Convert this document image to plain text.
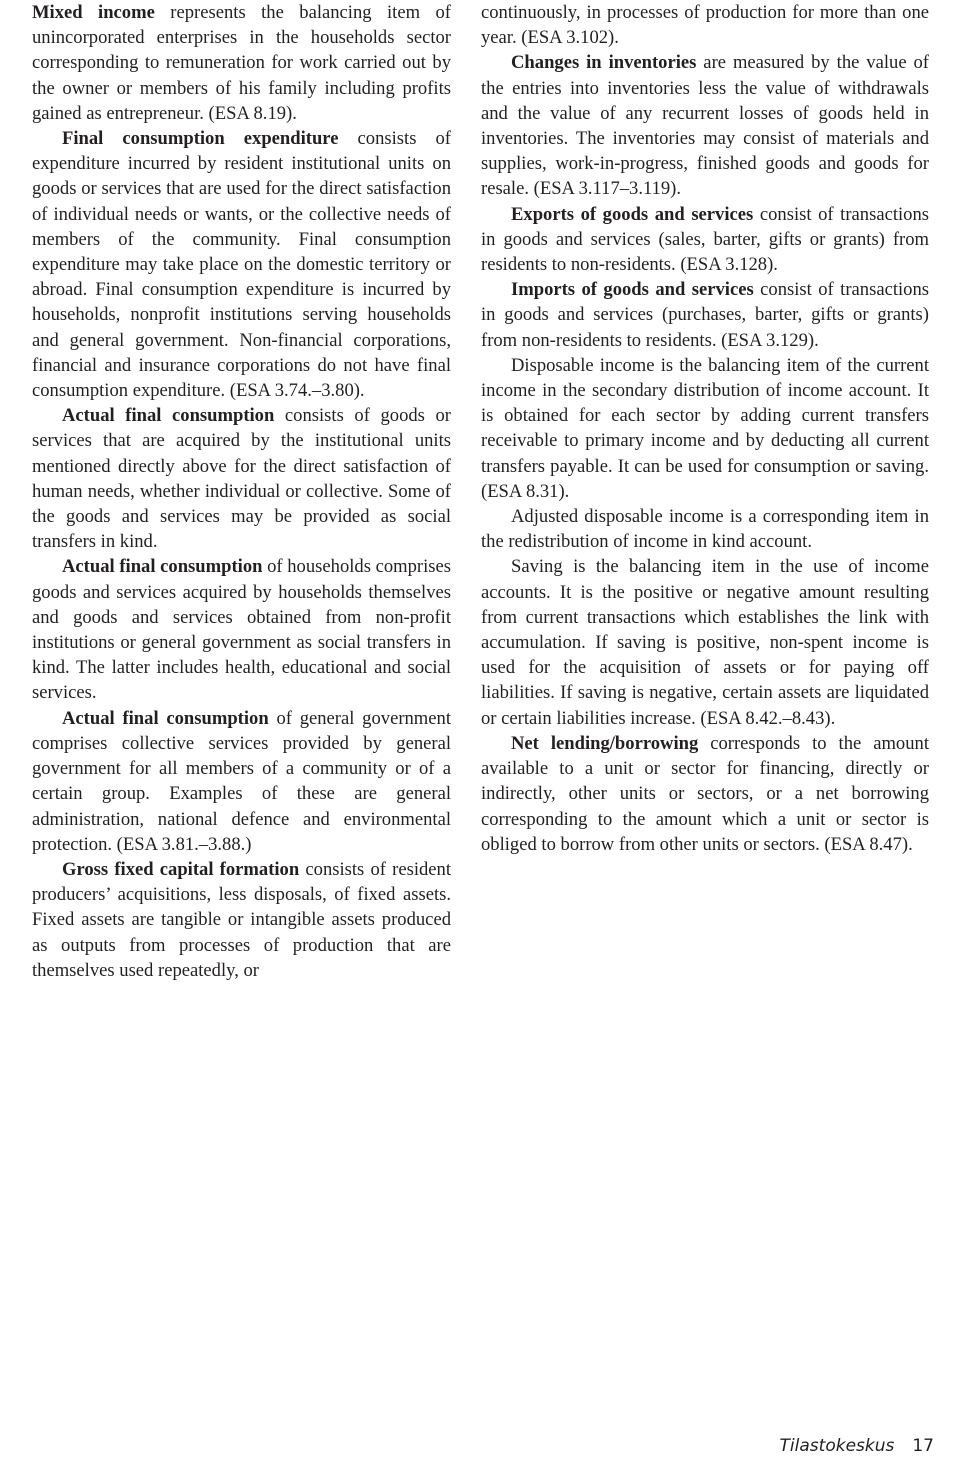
Mixed income represents the balancing item of unincorporated enterprises in the households sector corresponding to remuneration for work carried out by the owner or members of his family including profits gained as entrepreneur. (ESA 8.19).

Final consumption expenditure consists of expenditure incurred by resident institutional units on goods or services that are used for the direct satisfaction of individual needs or wants, or the collective needs of members of the community. Final consumption expenditure may take place on the domestic territory or abroad. Final consumption expenditure is incurred by households, nonprofit institutions serving households and general government. Non-financial corporations, financial and insurance corporations do not have final consumption expenditure. (ESA 3.74.–3.80).

Actual final consumption consists of goods or services that are acquired by the institutional units mentioned directly above for the direct satisfaction of human needs, whether individual or collective. Some of the goods and services may be provided as social transfers in kind.

Actual final consumption of households comprises goods and services acquired by households themselves and goods and services obtained from non-profit institutions or general government as social transfers in kind. The latter includes health, educational and social services.

Actual final consumption of general government comprises collective services provided by general government for all members of a community or of a certain group. Examples of these are general administration, national defence and environmental protection. (ESA 3.81.–3.88.)

Gross fixed capital formation consists of resident producers’ acquisitions, less disposals, of fixed assets. Fixed assets are tangible or intangible assets produced as outputs from processes of production that are themselves used repeatedly, or

continuously, in processes of production for more than one year. (ESA 3.102).

Changes in inventories are measured by the value of the entries into inventories less the value of withdrawals and the value of any recurrent losses of goods held in inventories. The inventories may consist of materials and supplies, work-in-progress, finished goods and goods for resale. (ESA 3.117–3.119).

Exports of goods and services consist of transactions in goods and services (sales, barter, gifts or grants) from residents to non-residents. (ESA 3.128).

Imports of goods and services consist of transactions in goods and services (purchases, barter, gifts or grants) from non-residents to residents. (ESA 3.129).

Disposable income is the balancing item of the current income in the secondary distribution of income account. It is obtained for each sector by adding current transfers receivable to primary income and by deducting all current transfers payable. It can be used for consumption or saving. (ESA 8.31).

Adjusted disposable income is a corresponding item in the redistribution of income in kind account.

Saving is the balancing item in the use of income accounts. It is the positive or negative amount resulting from current transactions which establishes the link with accumulation. If saving is positive, non-spent income is used for the acquisition of assets or for paying off liabilities. If saving is negative, certain assets are liquidated or certain liabilities increase. (ESA 8.42.–8.43).

Net lending/borrowing corresponds to the amount available to a unit or sector for financing, directly or indirectly, other units or sectors, or a net borrowing corresponding to the amount which a unit or sector is obliged to borrow from other units or sectors. (ESA 8.47).

Tilastokeskus 17
